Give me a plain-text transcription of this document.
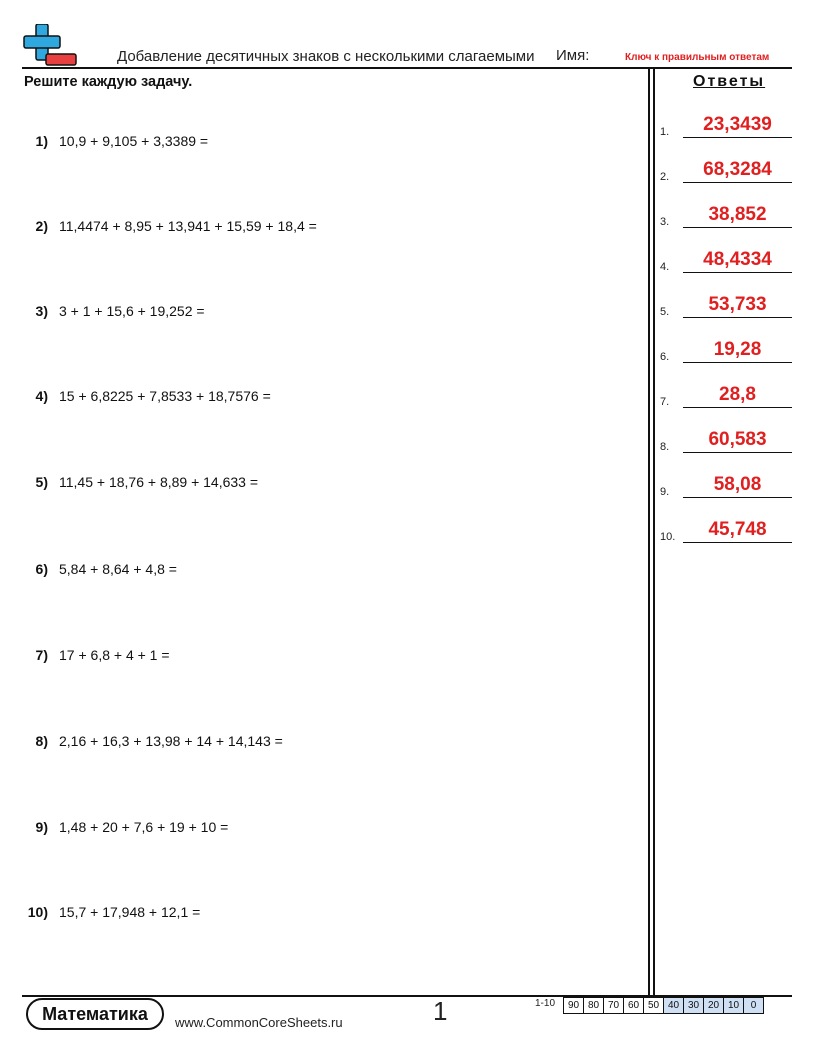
Добавление десятичных знаков с несколькими слагаемыми Имя:	Ключ к правильным ответам
Решите каждую задачу.
1) 10,9 + 9,105 + 3,3389 =
2) 11,4474 + 8,95 + 13,941 + 15,59 + 18,4 =
3) 3 + 1 + 15,6 + 19,252 =
4) 15 + 6,8225 + 7,8533 + 18,7576 =
5) 11,45 + 18,76 + 8,89 + 14,633 =
6) 5,84 + 8,64 + 4,8 =
7) 17 + 6,8 + 4 + 1 =
8) 2,16 + 16,3 + 13,98 + 14 + 14,143 =
9) 1,48 + 20 + 7,6 + 19 + 10 =
10) 15,7 + 17,948 + 12,1 =
Ответы
1.	23,3439
2.	68,3284
3.	38,852
4.	48,4334
5.	53,733
6.	19,28
7.	28,8
8.	60,583
9.	58,08
10.	45,748
Математика	www.CommonCoreSheets.ru	1	1-10 90	80	70	60	50	40	30	20	10	0
